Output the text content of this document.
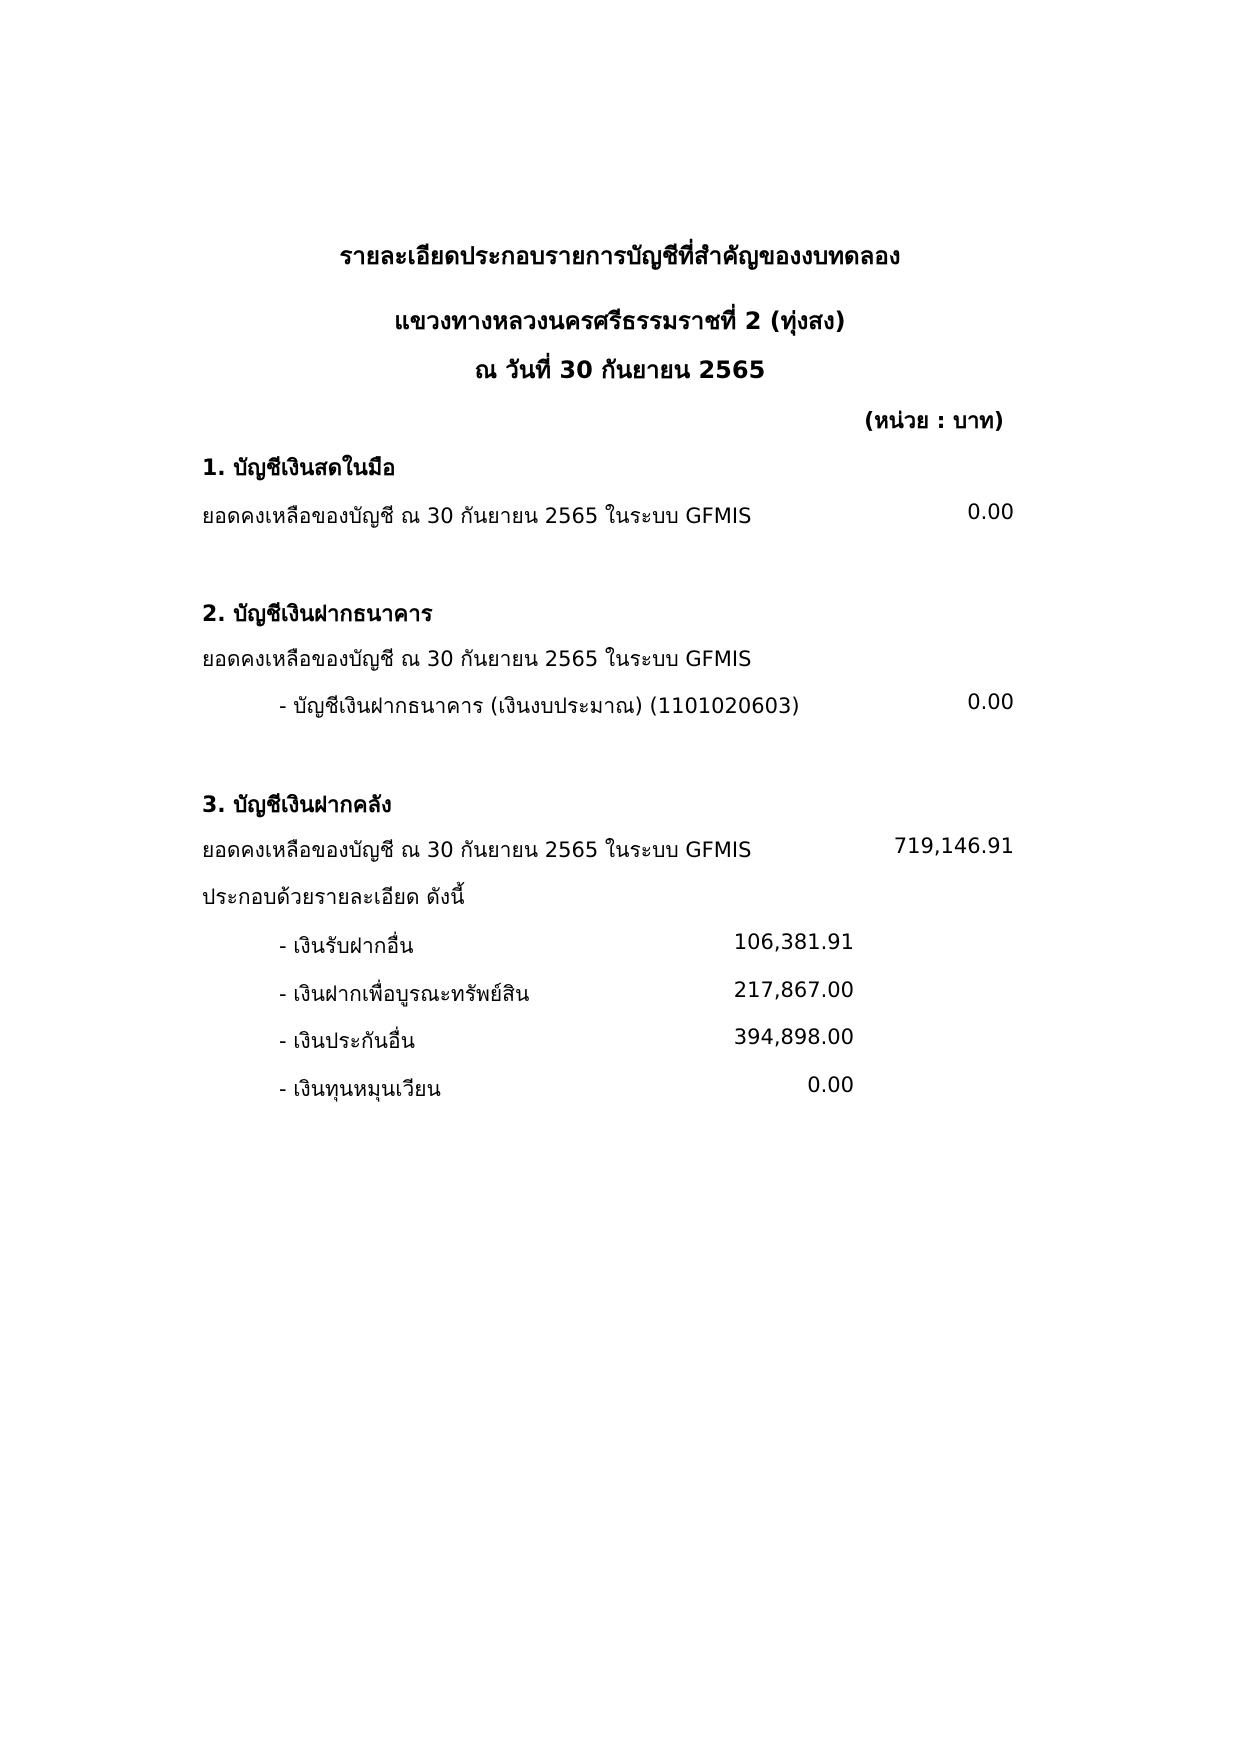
รายละเอียดประกอบรายการบัญชีที่สำคัญของงบทดลอง
แขวงทางหลวงนครศรีธรรมราชที่ 2 (ทุ่งสง)
ณ วันที่ 30 กันยายน 2565
(หน่วย : บาท)
1. บัญชีเงินสดในมือ
ยอดคงเหลือของบัญชี ณ 30 กันยายน 2565 ในระบบ GFMIS	0.00
2. บัญชีเงินฝากธนาคาร
ยอดคงเหลือของบัญชี ณ 30 กันยายน 2565 ในระบบ GFMIS
- บัญชีเงินฝากธนาคาร (เงินงบประมาณ) (1101020603)	0.00
3. บัญชีเงินฝากคลัง
ยอดคงเหลือของบัญชี ณ 30 กันยายน 2565 ในระบบ GFMIS	719,146.91
ประกอบด้วยรายละเอียด ดังนี้
- เงินรับฝากอื่น	106,381.91
- เงินฝากเพื่อบูรณะทรัพย์สิน	217,867.00
- เงินประกันอื่น	394,898.00
- เงินทุนหมุนเวียน	0.00
